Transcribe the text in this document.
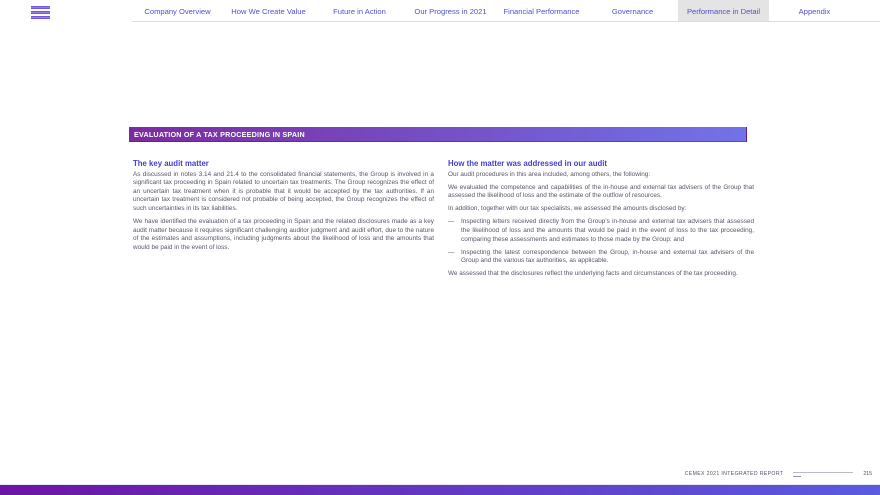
Company Overview	How We Create Value	Future in Action	Our Progress in 2021	Financial Performance	Governance	Performance in Detail	Appendix
EVALUATION OF A TAX PROCEEDING IN SPAIN
The key audit matter

As discussed in notes 3.14 and 21.4 to the consolidated financial statements, the Group is involved in a significant tax proceeding in Spain related to uncertain tax treatments. The Group recognizes the effect of an uncertain tax treatment when it is probable that it would be accepted by the tax authorities. If an uncertain tax treatment is considered not probable of being accepted, the Group recognizes the effect of such uncertainties in its tax liabilities.

We have identified the evaluation of a tax proceeding in Spain and the related disclosures made as a key audit matter because it requires significant challenging auditor judgment and audit effort, due to the nature of the estimates and assumptions, including judgments about the likelihood of loss and the amounts that would be paid in the event of loss.

How the matter was addressed in our audit

Our audit procedures in this area included, among others, the following:

We evaluated the competence and capabilities of the in-house and external tax advisers of the Group that assessed the likelihood of loss and the estimate of the outflow of resources.

In addition, together with our tax specialists, we assessed the amounts disclosed by:

— Inspecting letters received directly from the Group's in-house and external tax advisers that assessed the likelihood of loss and the amounts that would be paid in the event of loss to the tax proceeding, comparing these assessments and estimates to those made by the Group; and
— Inspecting the latest correspondence between the Group, in-house and external tax advisers of the Group and the various tax authorities, as applicable.

We assessed that the disclosures reflect the underlying facts and circumstances of the tax proceeding.

CEMEX 2021 INTEGRATED REPORT	215
